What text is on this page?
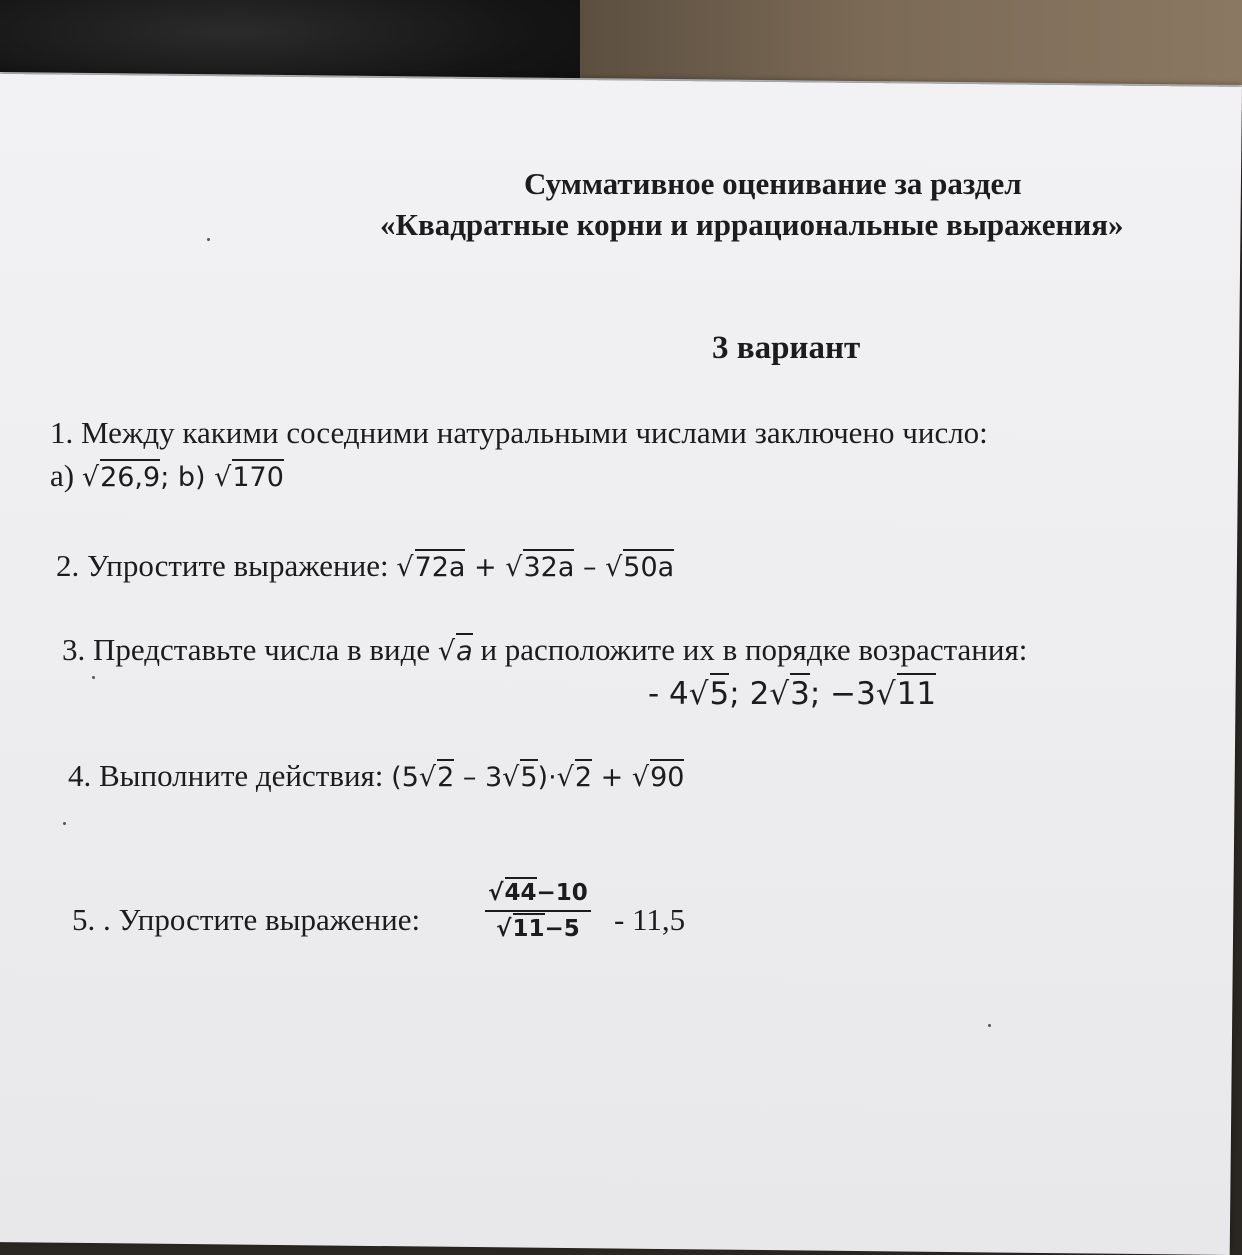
Суммативное оценивание за раздел
«Квадратные корни и иррациональные выражения»
3 вариант
1. Между какими соседними натуральными числами заключено число:
а) √26,9; b) √170
2. Упростите выражение: √72a + √32a – √50a
3. Представьте числа в виде √a и расположите их в порядке возрастания:
- 4√5; 2√3; −3√11
4. Выполните действия: (5√2 – 3√5)·√2 + √90
5. . Упростите выражение:
√44−10
√11−5	- 11,5
